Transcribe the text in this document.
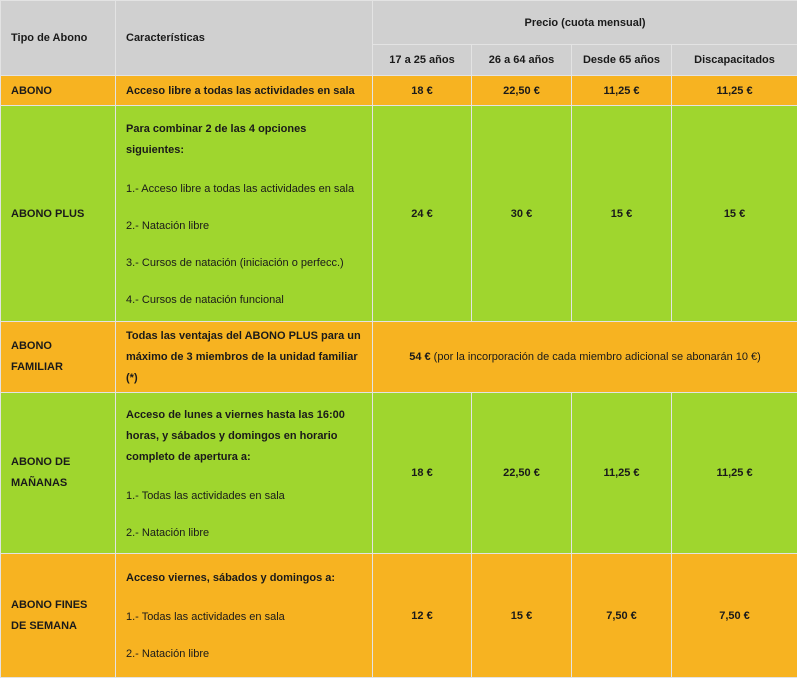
Tipo de Abono	Características	Precio (cuota mensual)			
		17 a 25 años	26 a 64 años	Desde 65 años	Discapacitados
ABONO	Acceso libre a todas las actividades en sala	18 €	22,50 €	11,25 €	11,25 €
ABONO PLUS	Para combinar 2 de las 4 opciones siguientes:
1.- Acceso libre a todas las actividades en sala
2.- Natación libre
3.- Cursos de natación (iniciación o perfecc.)
4.- Cursos de natación funcional	24 €	30 €	15 €	15 €
ABONO FAMILIAR	Todas las ventajas del ABONO PLUS para un máximo de 3 miembros de la unidad familiar (*)	54 € (por la incorporación de cada miembro adicional se abonarán 10 €)			
ABONO DE MAÑANAS	Acceso de lunes a viernes hasta las 16:00 horas, y sábados y domingos en horario completo de apertura a:
1.- Todas las actividades en sala
2.- Natación libre	18 €	22,50 €	11,25 €	11,25 €
ABONO FINES DE SEMANA	Acceso viernes, sábados y domingos a:
1.- Todas las actividades en sala
2.- Natación libre	12 €	15 €	7,50 €	7,50 €
